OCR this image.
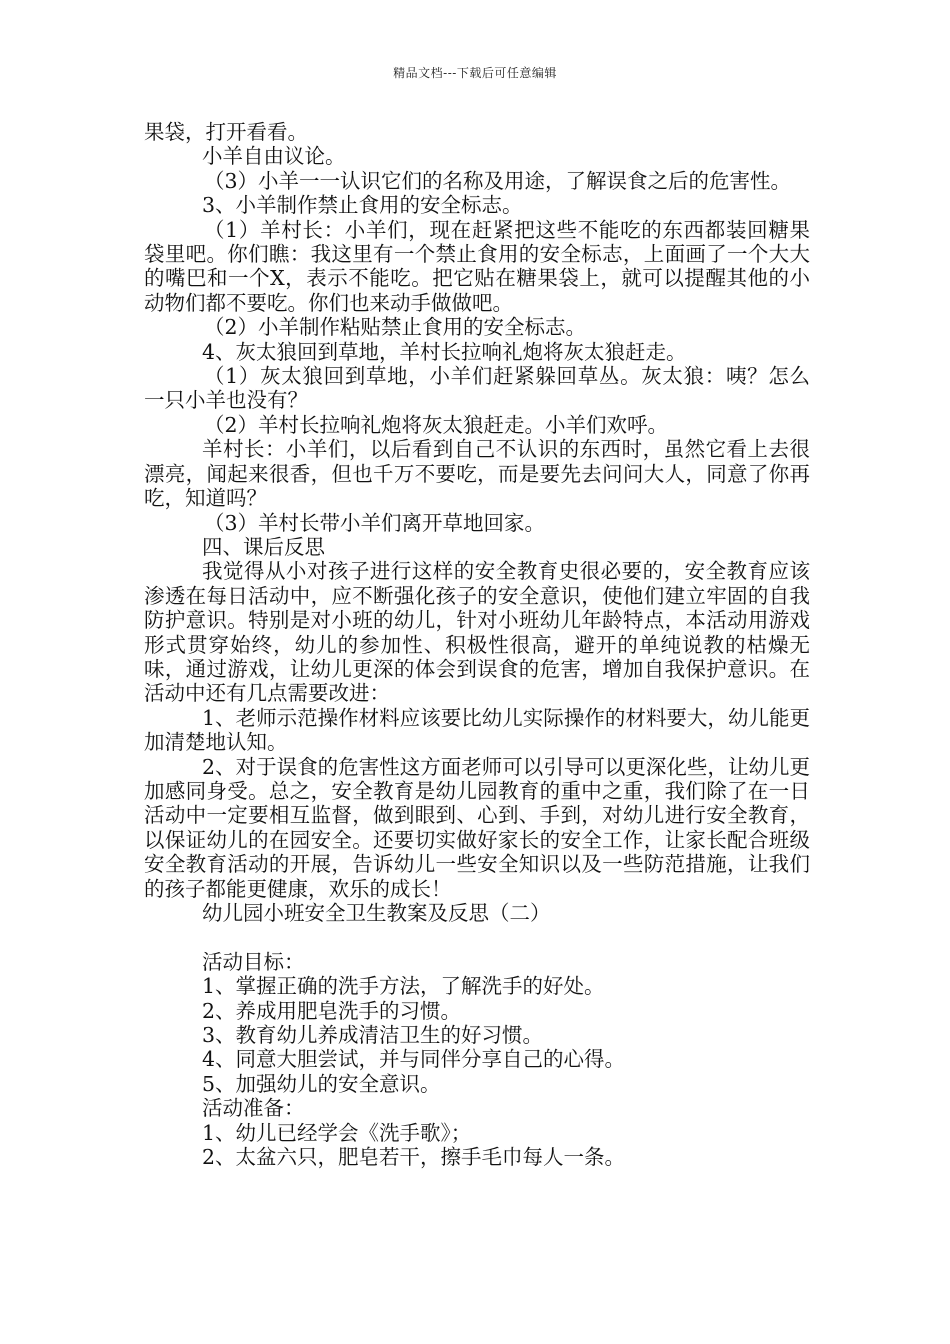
精品文档---下载后可任意编辑

果袋，打开看看。

小羊自由议论。

（3）小羊一一认识它们的名称及用途，了解误食之后的危害性。

3、小羊制作禁止食用的安全标志。

（1）羊村长：小羊们，现在赶紧把这些不能吃的东西都装回糖果袋里吧。你们瞧：我这里有一个禁止食用的安全标志，上面画了一个大大的嘴巴和一个X，表示不能吃。把它贴在糖果袋上，就可以提醒其他的小动物们都不要吃。你们也来动手做做吧。

（2）小羊制作粘贴禁止食用的安全标志。

4、灰太狼回到草地，羊村长拉响礼炮将灰太狼赶走。

（1）灰太狼回到草地，小羊们赶紧躲回草丛。灰太狼：咦？怎么一只小羊也没有？

（2）羊村长拉响礼炮将灰太狼赶走。小羊们欢呼。

羊村长：小羊们，以后看到自己不认识的东西时，虽然它看上去很漂亮，闻起来很香，但也千万不要吃，而是要先去问问大人，同意了你再吃，知道吗？

（3）羊村长带小羊们离开草地回家。

四、课后反思

我觉得从小对孩子进行这样的安全教育史很必要的，安全教育应该渗透在每日活动中，应不断强化孩子的安全意识，使他们建立牢固的自我防护意识。特别是对小班的幼儿，针对小班幼儿年龄特点，本活动用游戏形式贯穿始终，幼儿的参加性、积极性很高，避开的单纯说教的枯燥无味，通过游戏，让幼儿更深的体会到误食的危害，增加自我保护意识。在活动中还有几点需要改进：

1、老师示范操作材料应该要比幼儿实际操作的材料要大，幼儿能更加清楚地认知。

2、对于误食的危害性这方面老师可以引导可以更深化些，让幼儿更加感同身受。总之，安全教育是幼儿园教育的重中之重，我们除了在一日活动中一定要相互监督，做到眼到、心到、手到，对幼儿进行安全教育，以保证幼儿的在园安全。还要切实做好家长的安全工作，让家长配合班级安全教育活动的开展，告诉幼儿一些安全知识以及一些防范措施，让我们的孩子都能更健康，欢乐的成长！

幼儿园小班安全卫生教案及反思（二）

活动目标：

1、掌握正确的洗手方法，了解洗手的好处。

2、养成用肥皂洗手的习惯。

3、教育幼儿养成清洁卫生的好习惯。

4、同意大胆尝试，并与同伴分享自己的心得。

5、加强幼儿的安全意识。

活动准备：

1、幼儿已经学会《洗手歌》；

2、太盆六只，肥皂若干，擦手毛巾每人一条。
